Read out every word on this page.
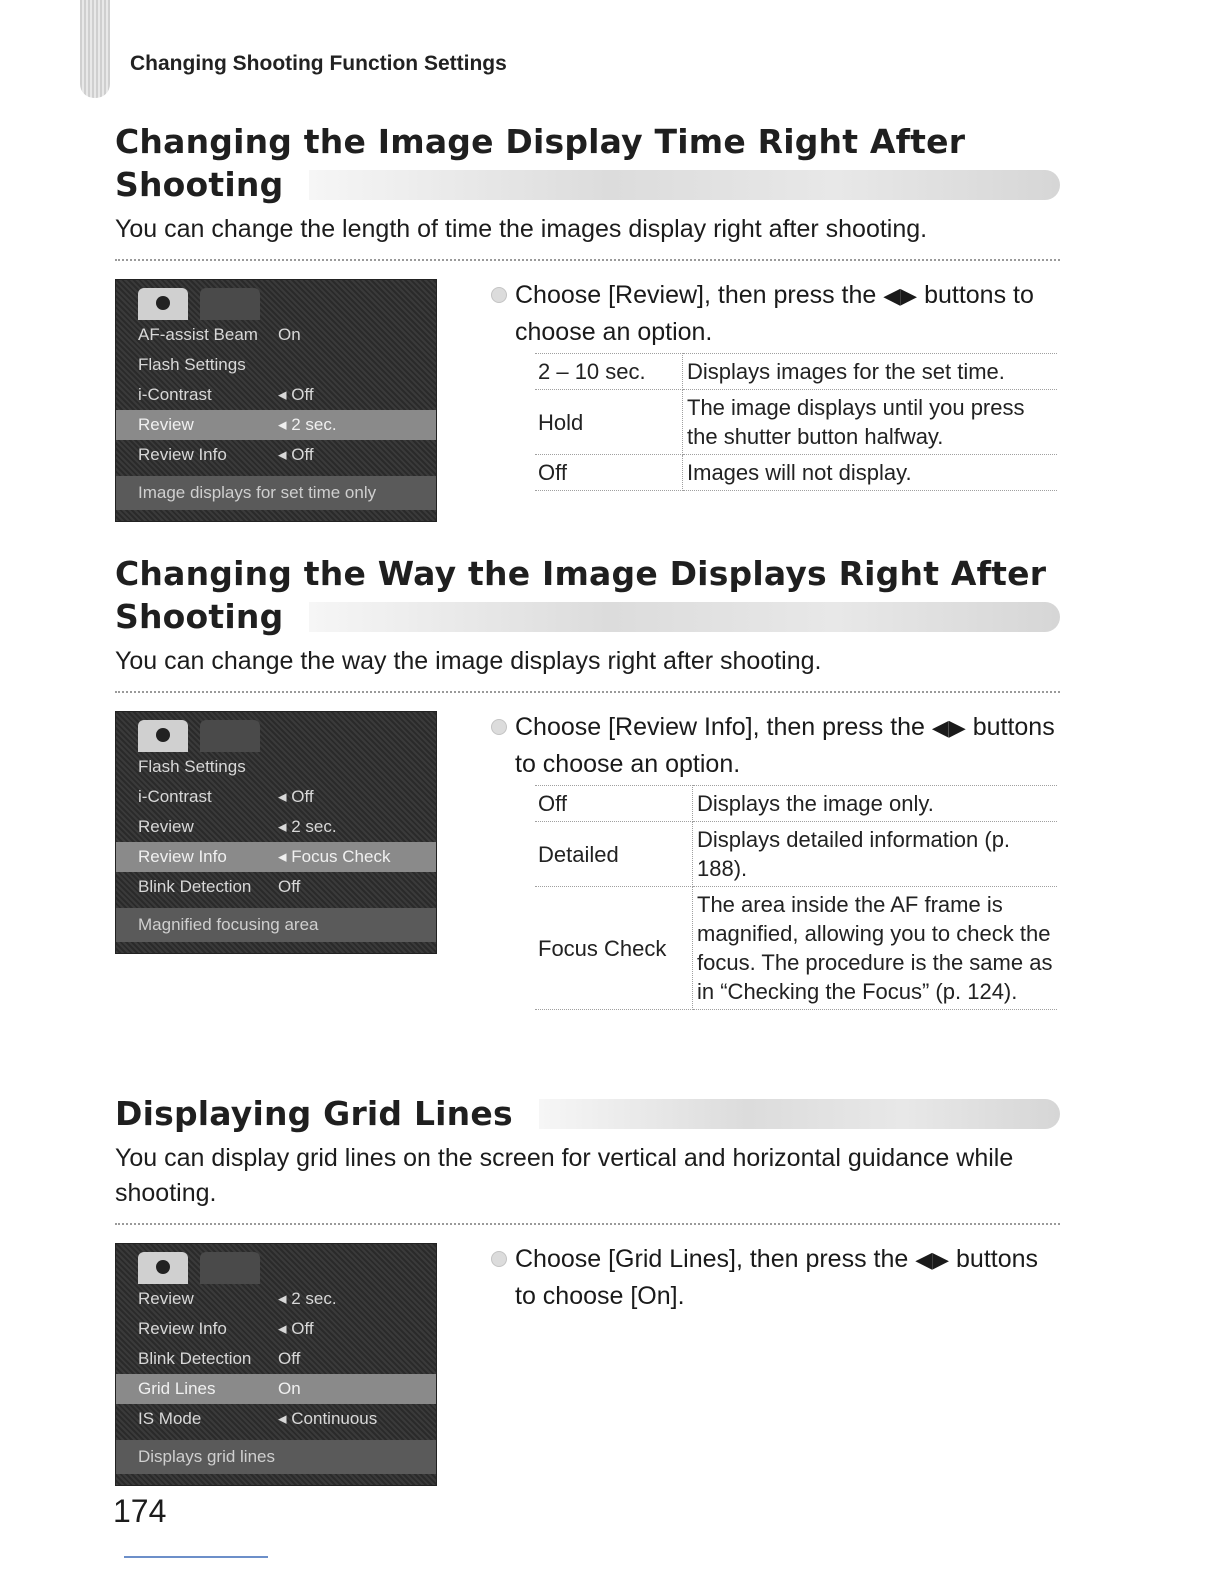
Changing Shooting Function Settings
Changing the Image Display Time Right After
Shooting

You can change the length of time the images display right after shooting.

AF-assist Beam	On
Flash Settings
i-Contrast	◂ Off
Review	◂ 2 sec.
Review Info	◂ Off
Image displays for set time only
Choose [Review], then press the ◀▶ buttons to choose an option.
2 – 10 sec.	Displays images for the set time.
Hold	The image displays until you press the shutter button halfway.
Off	Images will not display.
Changing the Way the Image Displays Right After
Shooting

You can change the way the image displays right after shooting.

Flash Settings
i-Contrast	◂ Off
Review	◂ 2 sec.
Review Info	◂ Focus Check
Blink Detection	Off
Magnified focusing area
Choose [Review Info], then press the ◀▶ buttons to choose an option.
Off	Displays the image only.
Detailed	Displays detailed information (p. 188).
Focus Check	The area inside the AF frame is magnified, allowing you to check the focus. The procedure is the same as in “Checking the Focus” (p. 124).
Displaying Grid Lines

You can display grid lines on the screen for vertical and horizontal guidance while shooting.

Review	◂ 2 sec.
Review Info	◂ Off
Blink Detection	Off
Grid Lines	On
IS Mode	◂ Continuous
Displays grid lines
Choose [Grid Lines], then press the ◀▶ buttons to choose [On].
174
